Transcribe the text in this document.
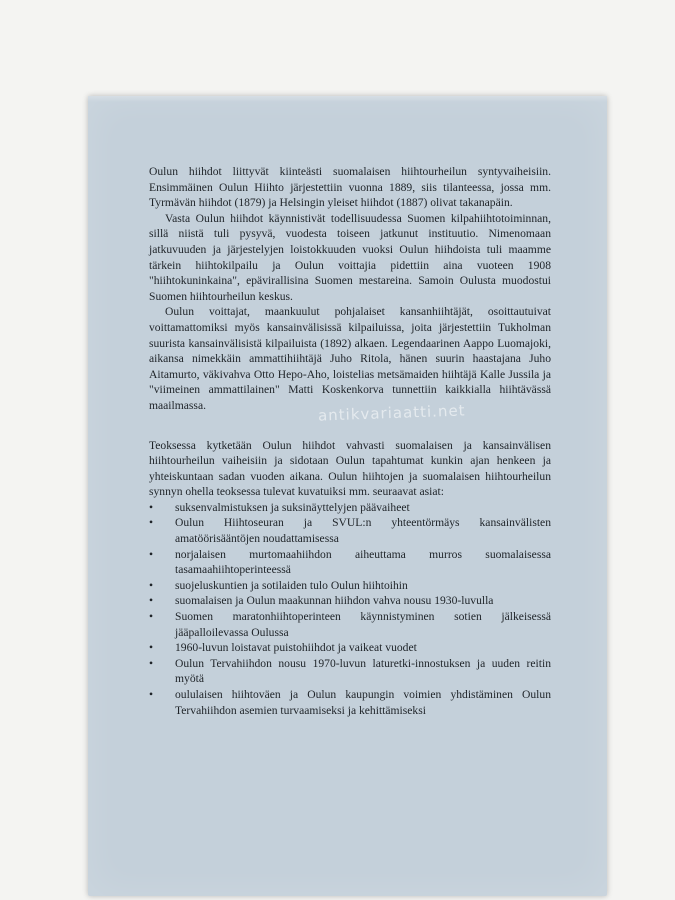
Oulun hiihdot liittyvät kiinteästi suomalaisen hiihtourheilun syntyvaiheisiin. Ensimmäinen Oulun Hiihto järjestettiin vuonna 1889, siis tilanteessa, jossa mm. Tyrmävän hiihdot (1879) ja Helsingin yleiset hiihdot (1887) olivat takanapäin.

Vasta Oulun hiihdot käynnistivät todellisuudessa Suomen kilpahiihtotoiminnan, sillä niistä tuli pysyvä, vuodesta toiseen jatkunut instituutio. Nimenomaan jatkuvuuden ja järjestelyjen loistokkuuden vuoksi Oulun hiihdoista tuli maamme tärkein hiihtokilpailu ja Oulun voittajia pidettiin aina vuoteen 1908 "hiihtokuninkaina", epävirallisina Suomen mestareina. Samoin Oulusta muodostui Suomen hiihtourheilun keskus.

Oulun voittajat, maankuulut pohjalaiset kansanhiihtäjät, osoittautuivat voittamattomiksi myös kansainvälisissä kilpailuissa, joita järjestettiin Tukholman suurista kansainvälisistä kilpailuista (1892) alkaen. Legendaarinen Aappo Luomajoki, aikansa nimekkäin ammattihiihtäjä Juho Ritola, hänen suurin haastajana Juho Aitamurto, väkivahva Otto Hepo-Aho, loistelias metsämaiden hiihtäjä Kalle Jussila ja "viimeinen ammattilainen" Matti Koskenkorva tunnettiin kaikkialla hiihtävässä maailmassa.

Teoksessa kytketään Oulun hiihdot vahvasti suomalaisen ja kansainvälisen hiihtourheilun vaiheisiin ja sidotaan Oulun tapahtumat kunkin ajan henkeen ja yhteiskuntaan sadan vuoden aikana. Oulun hiihtojen ja suomalaisen hiihtourheilun synnyn ohella teoksessa tulevat kuvatuiksi mm. seuraavat asiat:

• suksenvalmistuksen ja suksinäyttelyjen päävaiheet
• Oulun Hiihtoseuran ja SVUL:n yhteentörmäys kansainvälisten amatöörisääntöjen noudattamisessa
• norjalaisen murtomaahiihdon aiheuttama murros suomalaisessa tasamaahiihtoperinteessä
• suojeluskuntien ja sotilaiden tulo Oulun hiihtoihin
• suomalaisen ja Oulun maakunnan hiihdon vahva nousu 1930-luvulla
• Suomen maratonhiihtoperinteen käynnistyminen sotien jälkeisessä jääpalloilevassa Oulussa
• 1960-luvun loistavat puistohiihdot ja vaikeat vuodet
• Oulun Tervahiihdon nousu 1970-luvun laturetki-innostuksen ja uuden reitin myötä
• oululaisen hiihtoväen ja Oulun kaupungin voimien yhdistäminen Oulun Tervahiihdon asemien turvaamiseksi ja kehittämiseksi
antikvariaatti.net
